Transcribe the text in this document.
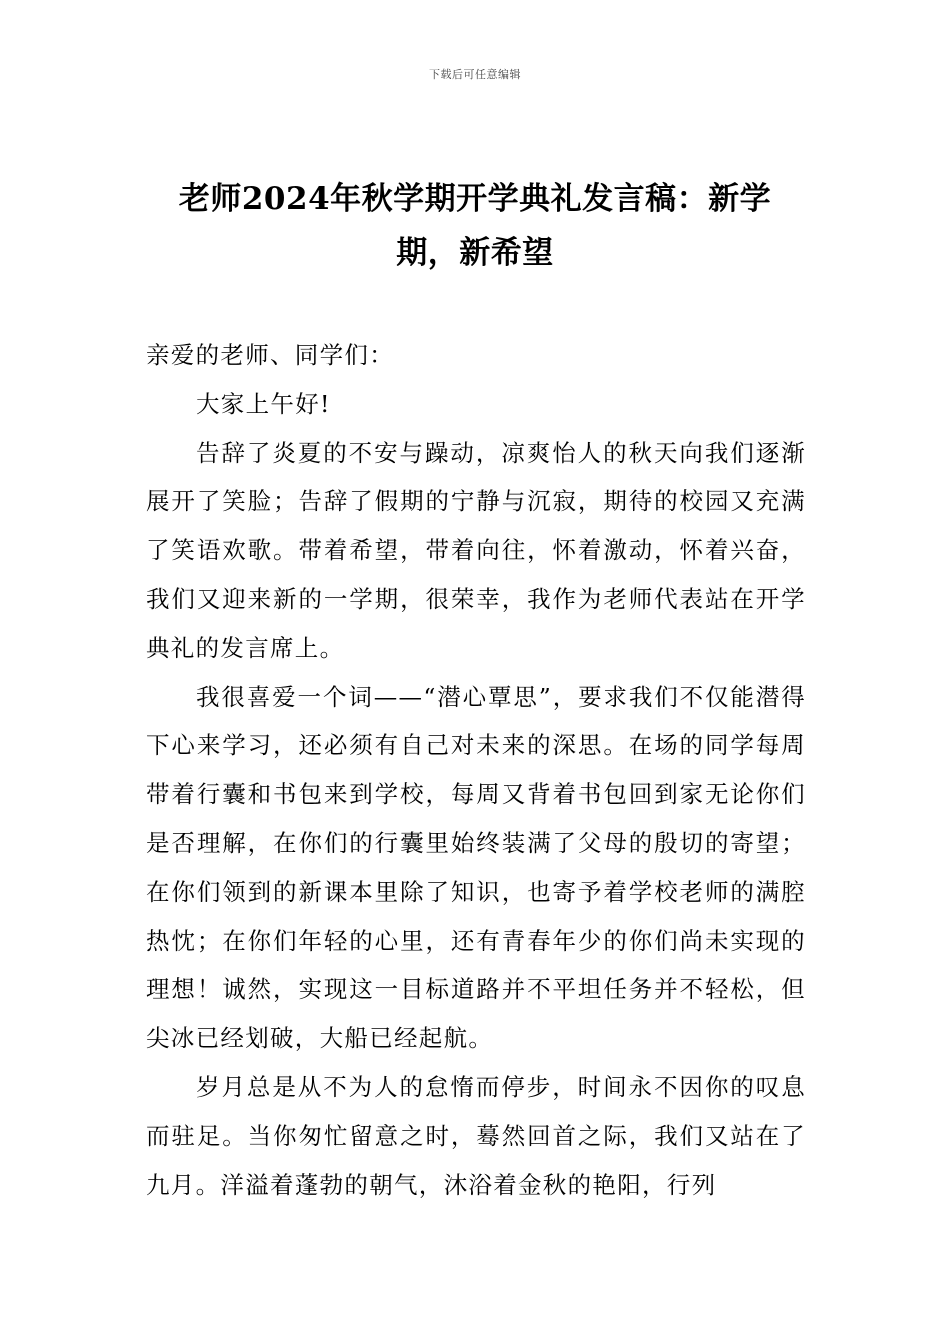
下载后可任意编辑
老师2024年秋学期开学典礼发言稿：新学
期，新希望

亲爱的老师、同学们：

大家上午好!

告辞了炎夏的不安与躁动，凉爽怡人的秋天向我们逐渐展开了笑脸；告辞了假期的宁静与沉寂，期待的校园又充满了笑语欢歌。带着希望，带着向往，怀着激动，怀着兴奋，我们又迎来新的一学期，很荣幸，我作为老师代表站在开学典礼的发言席上。

我很喜爱一个词——“潜心覃思”，要求我们不仅能潜得下心来学习，还必须有自己对未来的深思。在场的同学每周带着行囊和书包来到学校，每周又背着书包回到家无论你们是否理解，在你们的行囊里始终装满了父母的殷切的寄望；在你们领到的新课本里除了知识，也寄予着学校老师的满腔热忱；在你们年轻的心里，还有青春年少的你们尚未实现的理想！诚然，实现这一目标道路并不平坦任务并不轻松，但尖冰已经划破，大船已经起航。

岁月总是从不为人的怠惰而停步，时间永不因你的叹息而驻足。当你匆忙留意之时，蓦然回首之际，我们又站在了九月。洋溢着蓬勃的朝气，沐浴着金秋的艳阳，行列
